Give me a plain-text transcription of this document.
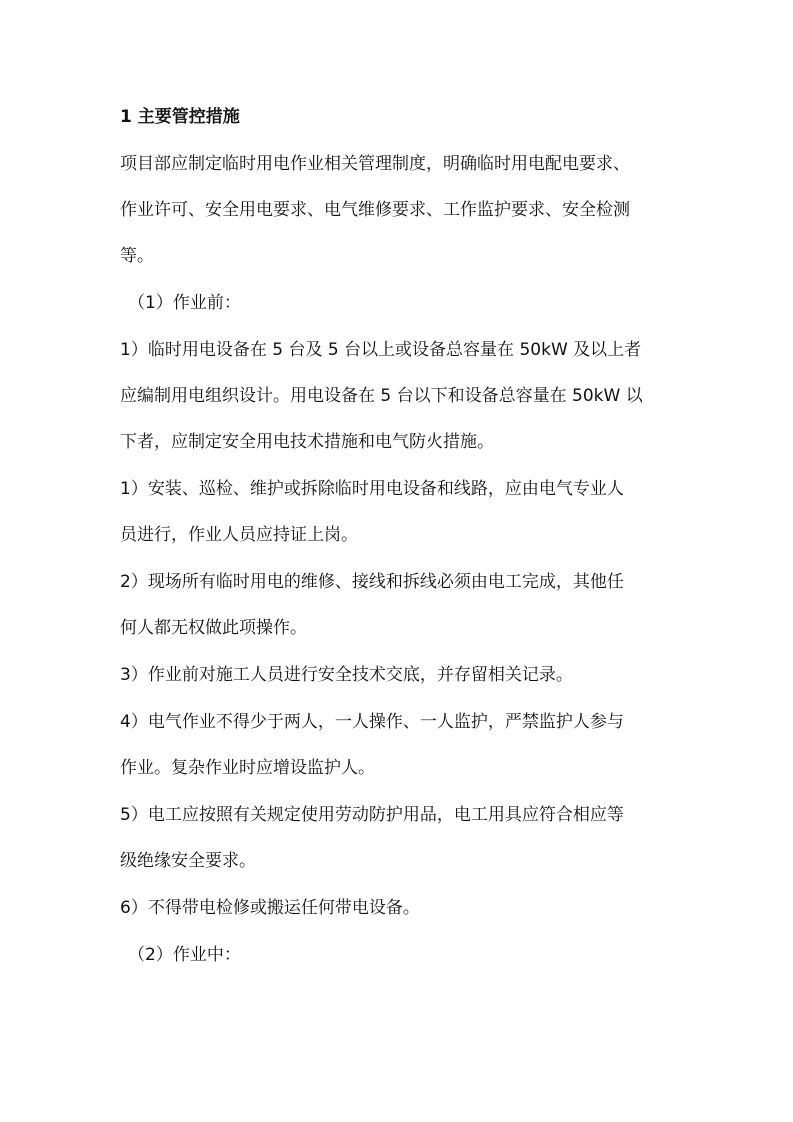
1 主要管控措施
项目部应制定临时用电作业相关管理制度，明确临时用电配电要求、
作业许可、安全用电要求、电气维修要求、工作监护要求、安全检测
等。
（1）作业前：
1）临时用电设备在 5 台及 5 台以上或设备总容量在 50kW 及以上者
应编制用电组织设计。用电设备在 5 台以下和设备总容量在 50kW 以
下者，应制定安全用电技术措施和电气防火措施。
1）安装、巡检、维护或拆除临时用电设备和线路，应由电气专业人
员进行，作业人员应持证上岗。
2）现场所有临时用电的维修、接线和拆线必须由电工完成，其他任
何人都无权做此项操作。
3）作业前对施工人员进行安全技术交底，并存留相关记录。
4）电气作业不得少于两人，一人操作、一人监护，严禁监护人参与
作业。复杂作业时应增设监护人。
5）电工应按照有关规定使用劳动防护用品，电工用具应符合相应等
级绝缘安全要求。
6）不得带电检修或搬运任何带电设备。
（2）作业中：
